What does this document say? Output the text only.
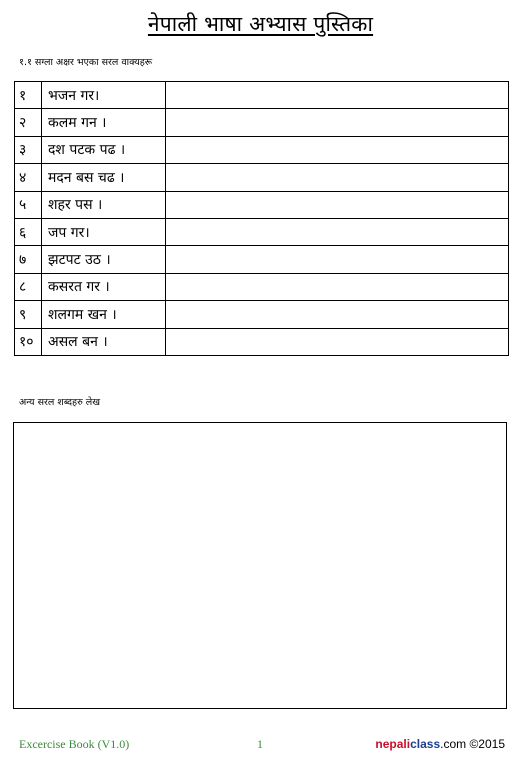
नेपाली भाषा अभ्यास पुस्तिका
१.१ सग्ला अक्षर भएका सरल वाक्यहरू
१	भजन गर।	
२	कलम गन ।	
३	दश पटक पढ ।	
४	मदन बस चढ ।	
५	शहर पस ।	
६	जप गर।	
७	झटपट उठ ।	
८	कसरत गर ।	
९	शलगम खन ।	
१०	असल बन ।	
अन्य सरल शब्दहरु लेख
Excercise Book (V1.0)	1	nepaliclass.com ©2015
